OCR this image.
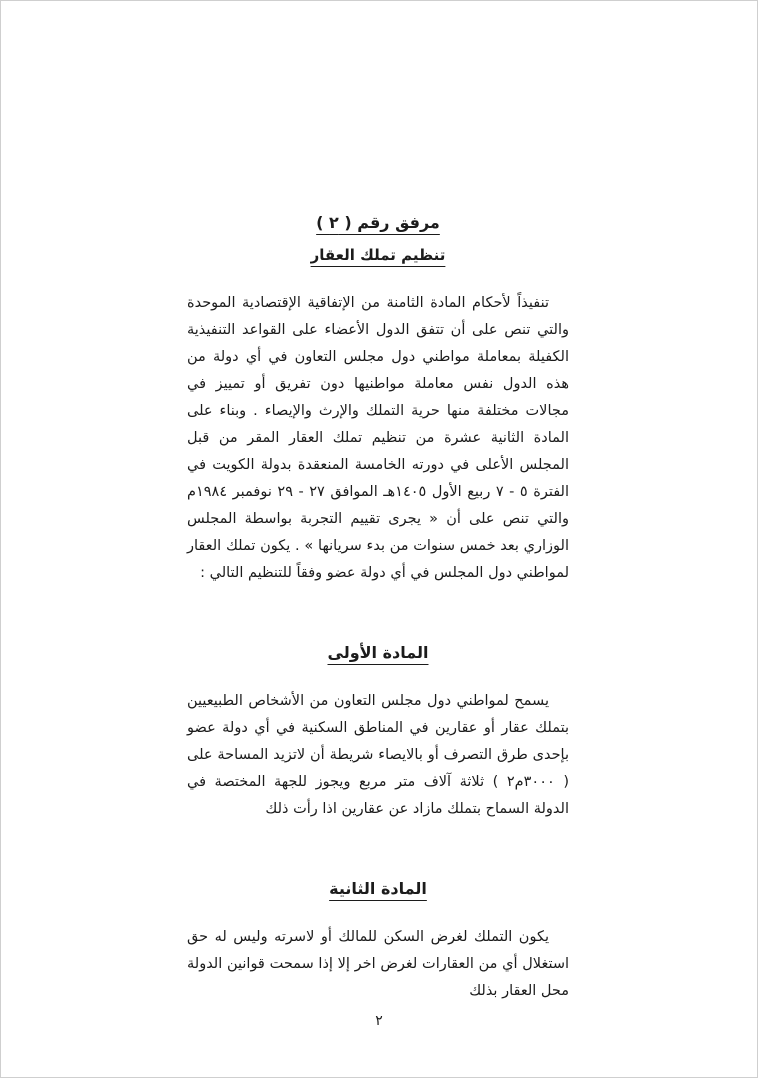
مرفق رقم ( ٢ )
تنظيم تملك العقار

تنفيذاً لأحكام المادة الثامنة من الإتفاقية الإقتصادية الموحدة والتي تنص على أن تتفق الدول الأعضاء على القواعد التنفيذية الكفيلة بمعاملة مواطني دول مجلس التعاون في أي دولة من هذه الدول نفس معاملة مواطنيها دون تفريق أو تمييز في مجالات مختلفة منها حرية التملك والإرث والإيصاء . وبناء على المادة الثانية عشرة من تنظيم تملك العقار المقر من قبل المجلس الأعلى في دورته الخامسة المنعقدة بدولة الكويت في الفترة ٥ - ٧ ربيع الأول ١٤٠٥هـ الموافق ٢٧ - ٢٩ نوفمبر ١٩٨٤م والتي تنص على أن « يجرى تقييم التجربة بواسطة المجلس الوزاري بعد خمس سنوات من بدء سريانها » . يكون تملك العقار لمواطني دول المجلس في أي دولة عضو وفقاً للتنظيم التالي :

المادة الأولى

يسمح لمواطني دول مجلس التعاون من الأشخاص الطبيعيين بتملك عقار أو عقارين في المناطق السكنية في أي دولة عضو بإحدى طرق التصرف أو بالايصاء شريطة أن لاتزيد المساحة على ( ٣٠٠٠م٢ ) ثلاثة آلاف متر مربع ويجوز للجهة المختصة في الدولة السماح بتملك مازاد عن عقارين اذا رأت ذلك

المادة الثانية

يكون التملك لغرض السكن للمالك أو لاسرته وليس له حق استغلال أي من العقارات لغرض اخر إلا إذا سمحت قوانين الدولة محل العقار بذلك

٢
